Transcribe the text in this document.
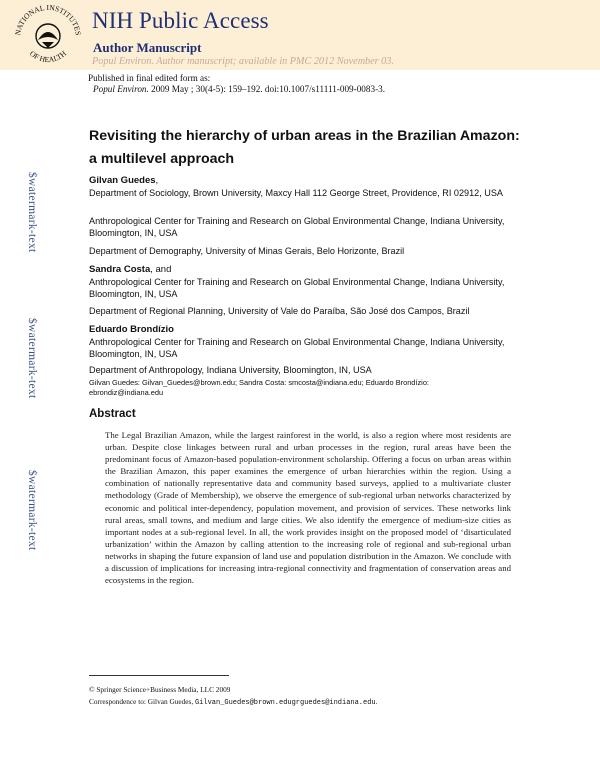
NATIONAL INSTITUTES
OF HEALTH
NIH Public Access
Author Manuscript
Popul Environ. Author manuscript; available in PMC 2012 November 03.
Published in final edited form as:
Popul Environ. 2009 May ; 30(4-5): 159–192. doi:10.1007/s11111-009-0083-3.
$watermark-text
$watermark-text
$watermark-text
Revisiting the hierarchy of urban areas in the Brazilian Amazon: a multilevel approach
Gilvan Guedes,
Department of Sociology, Brown University, Maxcy Hall 112 George Street, Providence, RI 02912, USA
Anthropological Center for Training and Research on Global Environmental Change, Indiana University, Bloomington, IN, USA
Department of Demography, University of Minas Gerais, Belo Horizonte, Brazil
Sandra Costa, and
Anthropological Center for Training and Research on Global Environmental Change, Indiana University, Bloomington, IN, USA
Department of Regional Planning, University of Vale do Paraíba, São José dos Campos, Brazil
Eduardo Brondízio
Anthropological Center for Training and Research on Global Environmental Change, Indiana University, Bloomington, IN, USA
Department of Anthropology, Indiana University, Bloomington, IN, USA
Gilvan Guedes: Gilvan_Guedes@brown.edu; Sandra Costa: smcosta@indiana.edu; Eduardo Brondízio: ebrondiz@indiana.edu
Abstract
The Legal Brazilian Amazon, while the largest rainforest in the world, is also a region where most residents are urban. Despite close linkages between rural and urban processes in the region, rural areas have been the predominant focus of Amazon-based population-environment scholarship. Offering a focus on urban areas within the Brazilian Amazon, this paper examines the emergence of urban hierarchies within the region. Using a combination of nationally representative data and community based surveys, applied to a multivariate cluster methodology (Grade of Membership), we observe the emergence of sub-regional urban networks characterized by economic and political inter-dependency, population movement, and provision of services. These networks link rural areas, small towns, and medium and large cities. We also identify the emergence of medium-size cities as important nodes at a sub-regional level. In all, the work provides insight on the proposed model of ‘disarticulated urbanization’ within the Amazon by calling attention to the increasing role of regional and sub-regional urban networks in shaping the future expansion of land use and population distribution in the Amazon. We conclude with a discussion of implications for increasing intra-regional connectivity and fragmentation of conservation areas and ecosystems in the region.
© Springer Science+Business Media, LLC 2009
Correspondence to: Gilvan Guedes, Gilvan_Guedes@brown.edugrguedes@indiana.edu.
